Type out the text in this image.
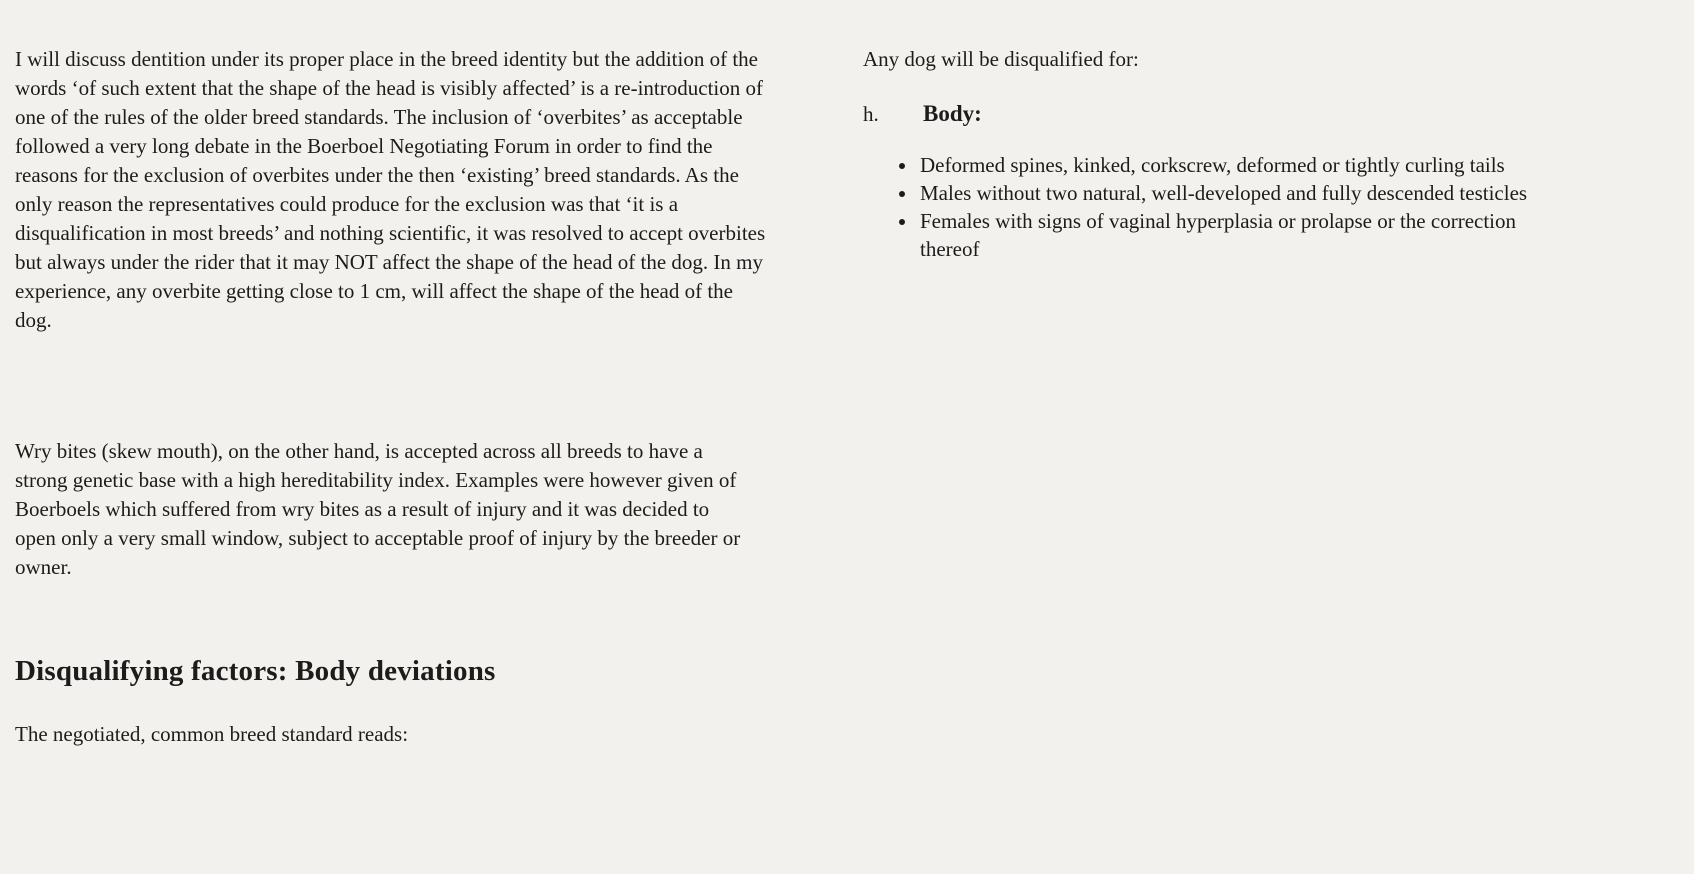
I will discuss dentition under its proper place in the breed identity but the addition of the words ‘of such extent that the shape of the head is visibly affected’ is a re-introduction of one of the rules of the older breed standards. The inclusion of ‘overbites’ as acceptable followed a very long debate in the Boerboel Negotiating Forum in order to find the reasons for the exclusion of overbites under the then ‘existing’ breed standards. As the only reason the representatives could produce for the exclusion was that ‘it is a disqualification in most breeds’ and nothing scientific, it was resolved to accept overbites but always under the rider that it may NOT affect the shape of the head of the dog. In my experience, any overbite getting close to 1 cm, will affect the shape of the head of the dog.

Wry bites (skew mouth), on the other hand, is accepted across all breeds to have a strong genetic base with a high hereditability index. Examples were however given of Boerboels which suffered from wry bites as a result of injury and it was decided to open only a very small window, subject to acceptable proof of injury by the breeder or owner.

Disqualifying factors: Body deviations

The negotiated, common breed standard reads:

Any dog will be disqualified for:

h.	Body:
• Deformed spines, kinked, corkscrew, deformed or tightly curling tails
• Males without two natural, well-developed and fully descended testicles
• Females with signs of vaginal hyperplasia or prolapse or the correction thereof
